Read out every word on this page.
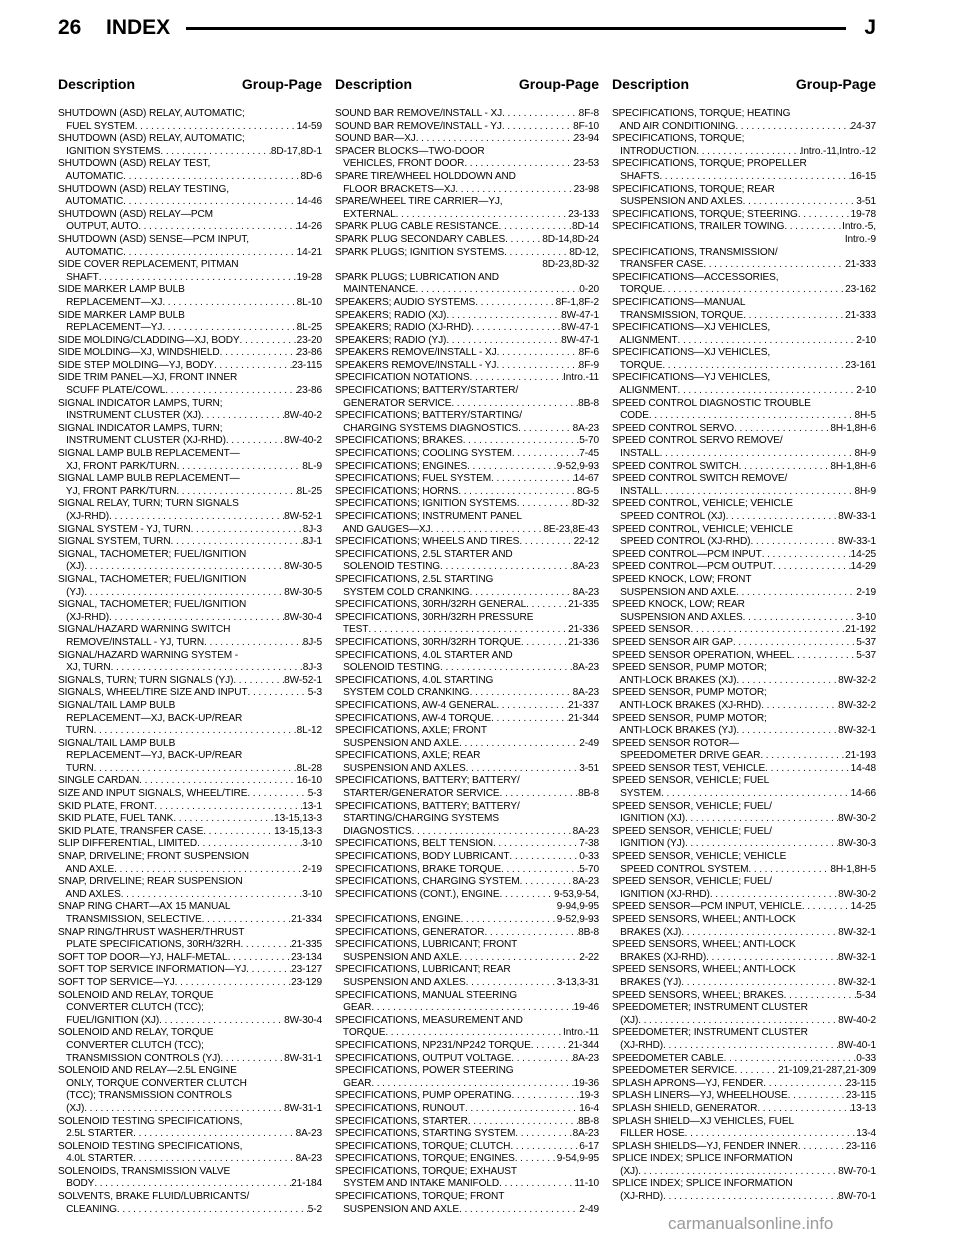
26 INDEX	J
Description	Group-Page Description	Group-Page Description	Group-Page
SHUTDOWN (ASD) RELAY, AUTOMATIC;
FUEL SYSTEM . . .	14-59
SHUTDOWN (ASD) RELAY, AUTOMATIC;
IGNITION SYSTEMS . . .	8D-17,8D-1
SHUTDOWN (ASD) RELAY TEST,
AUTOMATIC . . .	8D-6
SHUTDOWN (ASD) RELAY TESTING,
AUTOMATIC . . .	14-46
SHUTDOWN (ASD) RELAY—PCM
OUTPUT, AUTO . . .	14-26
SHUTDOWN (ASD) SENSE—PCM INPUT,
AUTOMATIC . . .	14-21
SIDE COVER REPLACEMENT, PITMAN
SHAFT . . .	19-28
SIDE MARKER LAMP BULB
REPLACEMENT—XJ . . .	8L-10
SIDE MARKER LAMP BULB
REPLACEMENT—YJ . . .	8L-25
SIDE MOLDING/CLADDING—XJ, BODY . . .	23-20
SIDE MOLDING—XJ, WINDSHIELD . . .	23-86
SIDE STEP MOLDING—YJ, BODY . . .	23-115
SIDE TRIM PANEL—XJ, FRONT INNER
SCUFF PLATE/COWL . . .	23-86
SIGNAL INDICATOR LAMPS, TURN;
INSTRUMENT CLUSTER (XJ) . . .	8W-40-2
SIGNAL INDICATOR LAMPS, TURN;
INSTRUMENT CLUSTER (XJ-RHD) . . .	8W-40-2
SIGNAL LAMP BULB REPLACEMENT—
XJ, FRONT PARK/TURN . . .	8L-9
SIGNAL LAMP BULB REPLACEMENT—
YJ, FRONT PARK/TURN . . .	8L-25
SIGNAL RELAY, TURN; TURN SIGNALS
(XJ-RHD) . . .	8W-52-1
SIGNAL SYSTEM - YJ, TURN . . .	8J-3
SIGNAL SYSTEM, TURN . . .	8J-1
SIGNAL, TACHOMETER; FUEL/IGNITION
(XJ) . . .	8W-30-5
SIGNAL, TACHOMETER; FUEL/IGNITION
(YJ) . . .	8W-30-5
SIGNAL, TACHOMETER; FUEL/IGNITION
(XJ-RHD) . . .	8W-30-4
SIGNAL/HAZARD WARNING SWITCH
REMOVE/INSTALL - YJ, TURN . . .	8J-5
SIGNAL/HAZARD WARNING SYSTEM -
XJ, TURN . . .	8J-3
SIGNALS, TURN; TURN SIGNALS (YJ) . . .	8W-52-1
SIGNALS, WHEEL/TIRE SIZE AND INPUT . . .	5-3
SIGNAL/TAIL LAMP BULB
REPLACEMENT—XJ, BACK-UP/REAR
TURN . . .	8L-12
SIGNAL/TAIL LAMP BULB
REPLACEMENT—YJ, BACK-UP/REAR
TURN . . .	8L-28
SINGLE CARDAN . . .	16-10
SIZE AND INPUT SIGNALS, WHEEL/TIRE . . .	5-3
SKID PLATE, FRONT . . .	13-1
SKID PLATE, FUEL TANK . . .	13-15,13-3
SKID PLATE, TRANSFER CASE . . .	13-15,13-3
SLIP DIFFERENTIAL, LIMITED . . .	3-10
SNAP, DRIVELINE; FRONT SUSPENSION
AND AXLE . . .	2-19
SNAP, DRIVELINE; REAR SUSPENSION
AND AXLES . . .	3-10
SNAP RING CHART—AX 15 MANUAL
TRANSMISSION, SELECTIVE . . .	21-334
SNAP RING/THRUST WASHER/THRUST
PLATE SPECIFICATIONS, 30RH/32RH . . .	21-335
SOFT TOP DOOR—YJ, HALF-METAL . . .	23-134
SOFT TOP SERVICE INFORMATION—YJ . . .	23-127
SOFT TOP SERVICE—YJ . . .	23-129
SOLENOID AND RELAY, TORQUE
CONVERTER CLUTCH (TCC);
FUEL/IGNITION (XJ) . . .	8W-30-4
SOLENOID AND RELAY, TORQUE
CONVERTER CLUTCH (TCC);
TRANSMISSION CONTROLS (YJ) . . .	8W-31-1
SOLENOID AND RELAY—2.5L ENGINE
ONLY, TORQUE CONVERTER CLUTCH
(TCC); TRANSMISSION CONTROLS
(XJ) . . .	8W-31-1
SOLENOID TESTING SPECIFICATIONS,
2.5L STARTER . . .	8A-23
SOLENOID TESTING SPECIFICATIONS,
4.0L STARTER . . .	8A-23
SOLENOIDS, TRANSMISSION VALVE
BODY . . .	21-184
SOLVENTS, BRAKE FLUID/LUBRICANTS/
CLEANING . . .	5-2
SOUND BAR REMOVE/INSTALL - XJ . . .	8F-8
SOUND BAR REMOVE/INSTALL - YJ . . .	8F-10
SOUND BAR—XJ . . .	23-94
SPACER BLOCKS—TWO-DOOR
VEHICLES, FRONT DOOR . . .	23-53
SPARE TIRE/WHEEL HOLDDOWN AND
FLOOR BRACKETS—XJ . . .	23-98
SPARE/WHEEL TIRE CARRIER—YJ,
EXTERNAL . . .	23-133
SPARK PLUG CABLE RESISTANCE . . .	8D-14
SPARK PLUG SECONDARY CABLES . . .	8D-14,8D-24
SPARK PLUGS; IGNITION SYSTEMS . . .	8D-12,
8D-23,8D-32
SPARK PLUGS; LUBRICATION AND
MAINTENANCE . . .	0-20
SPEAKERS; AUDIO SYSTEMS . . .	8F-1,8F-2
SPEAKERS; RADIO (XJ) . . .	8W-47-1
SPEAKERS; RADIO (XJ-RHD) . . .	8W-47-1
SPEAKERS; RADIO (YJ) . . .	8W-47-1
SPEAKERS REMOVE/INSTALL - XJ . . .	8F-6
SPEAKERS REMOVE/INSTALL - YJ . . .	8F-9
SPECIFICATION NOTATIONS . . .	Intro.-11
SPECIFICATIONS; BATTERY/STARTER/
GENERATOR SERVICE . . .	8B-8
SPECIFICATIONS; BATTERY/STARTING/
CHARGING SYSTEMS DIAGNOSTICS . . .	8A-23
SPECIFICATIONS; BRAKES . . .	5-70
SPECIFICATIONS; COOLING SYSTEM . . .	7-45
SPECIFICATIONS; ENGINES . . .	9-52,9-93
SPECIFICATIONS; FUEL SYSTEM . . .	14-67
SPECIFICATIONS; HORNS . . .	8G-5
SPECIFICATIONS; IGNITION SYSTEMS . . .	8D-32
SPECIFICATIONS; INSTRUMENT PANEL
AND GAUGES—XJ . . .	8E-23,8E-43
SPECIFICATIONS; WHEELS AND TIRES . . .	22-12
SPECIFICATIONS, 2.5L STARTER AND
SOLENOID TESTING . . .	8A-23
SPECIFICATIONS, 2.5L STARTING
SYSTEM COLD CRANKING . . .	8A-23
SPECIFICATIONS, 30RH/32RH GENERAL . . .	21-335
SPECIFICATIONS, 30RH/32RH PRESSURE
TEST . . .	21-336
SPECIFICATIONS, 30RH/32RH TORQUE . . .	21-336
SPECIFICATIONS, 4.0L STARTER AND
SOLENOID TESTING . . .	8A-23
SPECIFICATIONS, 4.0L STARTING
SYSTEM COLD CRANKING . . .	8A-23
SPECIFICATIONS, AW-4 GENERAL . . .	21-337
SPECIFICATIONS, AW-4 TORQUE . . .	21-344
SPECIFICATIONS, AXLE; FRONT
SUSPENSION AND AXLE . . .	2-49
SPECIFICATIONS, AXLE; REAR
SUSPENSION AND AXLES . . .	3-51
SPECIFICATIONS, BATTERY; BATTERY/
STARTER/GENERATOR SERVICE . . .	8B-8
SPECIFICATIONS, BATTERY; BATTERY/
STARTING/CHARGING SYSTEMS
DIAGNOSTICS . . .	8A-23
SPECIFICATIONS, BELT TENSION . . .	7-38
SPECIFICATIONS, BODY LUBRICANT . . .	0-33
SPECIFICATIONS, BRAKE TORQUE . . .	5-70
SPECIFICATIONS, CHARGING SYSTEM . . .	8A-23
SPECIFICATIONS (CONT.), ENGINE . . .	9-53,9-54,
9-94,9-95
SPECIFICATIONS, ENGINE . . .	9-52,9-93
SPECIFICATIONS, GENERATOR . . .	8B-8
SPECIFICATIONS, LUBRICANT; FRONT
SUSPENSION AND AXLE . . .	2-22
SPECIFICATIONS, LUBRICANT; REAR
SUSPENSION AND AXLES . . .	3-13,3-31
SPECIFICATIONS, MANUAL STEERING
GEAR . . .	19-46
SPECIFICATIONS, MEASUREMENT AND
TORQUE . . .	Intro.-11
SPECIFICATIONS, NP231/NP242 TORQUE . . .	21-344
SPECIFICATIONS, OUTPUT VOLTAGE . . .	8A-23
SPECIFICATIONS, POWER STEERING
GEAR . . .	19-36
SPECIFICATIONS, PUMP OPERATING . . .	19-3
SPECIFICATIONS, RUNOUT . . .	16-4
SPECIFICATIONS, STARTER . . .	8B-8
SPECIFICATIONS, STARTING SYSTEM . . .	8A-23
SPECIFICATIONS, TORQUE; CLUTCH . . .	6-17
SPECIFICATIONS, TORQUE; ENGINES . . .	9-54,9-95
SPECIFICATIONS, TORQUE; EXHAUST
SYSTEM AND INTAKE MANIFOLD . . .	11-10
SPECIFICATIONS, TORQUE; FRONT
SUSPENSION AND AXLE . . .	2-49
SPECIFICATIONS, TORQUE; HEATING
AND AIR CONDITIONING . . .	24-37
SPECIFICATIONS, TORQUE;
INTRODUCTION . . .	Intro.-11,Intro.-12
SPECIFICATIONS, TORQUE; PROPELLER
SHAFTS . . .	16-15
SPECIFICATIONS, TORQUE; REAR
SUSPENSION AND AXLES . . .	3-51
SPECIFICATIONS, TORQUE; STEERING . . .	19-78
SPECIFICATIONS, TRAILER TOWING . . .	Intro.-5,
Intro.-9
SPECIFICATIONS, TRANSMISSION/
TRANSFER CASE . . .	21-333
SPECIFICATIONS—ACCESSORIES,
TORQUE . . .	23-162
SPECIFICATIONS—MANUAL
TRANSMISSION, TORQUE . . .	21-333
SPECIFICATIONS—XJ VEHICLES,
ALIGNMENT . . .	2-10
SPECIFICATIONS—XJ VEHICLES,
TORQUE . . .	23-161
SPECIFICATIONS—YJ VEHICLES,
ALIGNMENT . . .	2-10
SPEED CONTROL DIAGNOSTIC TROUBLE
CODE . . .	8H-5
SPEED CONTROL SERVO . . .	8H-1,8H-6
SPEED CONTROL SERVO REMOVE/
INSTALL . . .	8H-9
SPEED CONTROL SWITCH . . .	8H-1,8H-6
SPEED CONTROL SWITCH REMOVE/
INSTALL . . .	8H-9
SPEED CONTROL, VEHICLE; VEHICLE
SPEED CONTROL (XJ) . . .	8W-33-1
SPEED CONTROL, VEHICLE; VEHICLE
SPEED CONTROL (XJ-RHD) . . .	8W-33-1
SPEED CONTROL—PCM INPUT . . .	14-25
SPEED CONTROL—PCM OUTPUT . . .	14-29
SPEED KNOCK, LOW; FRONT
SUSPENSION AND AXLE . . .	2-19
SPEED KNOCK, LOW; REAR
SUSPENSION AND AXLES . . .	3-10
SPEED SENSOR . . .	21-192
SPEED SENSOR AIR GAP . . .	5-37
SPEED SENSOR OPERATION, WHEEL . . .	5-37
SPEED SENSOR, PUMP MOTOR;
ANTI-LOCK BRAKES (XJ) . . .	8W-32-2
SPEED SENSOR, PUMP MOTOR;
ANTI-LOCK BRAKES (XJ-RHD) . . .	8W-32-2
SPEED SENSOR, PUMP MOTOR;
ANTI-LOCK BRAKES (YJ) . . .	8W-32-1
SPEED SENSOR ROTOR—
SPEEDOMETER DRIVE GEAR . . .	21-193
SPEED SENSOR TEST, VEHICLE . . .	14-48
SPEED SENSOR, VEHICLE; FUEL
SYSTEM . . .	14-66
SPEED SENSOR, VEHICLE; FUEL/
IGNITION (XJ) . . .	8W-30-2
SPEED SENSOR, VEHICLE; FUEL/
IGNITION (YJ) . . .	8W-30-3
SPEED SENSOR, VEHICLE; VEHICLE
SPEED CONTROL SYSTEM . . .	8H-1,8H-5
SPEED SENSOR, VEHICLE; FUEL/
IGNITION (XJ-RHD) . . .	8W-30-2
SPEED SENSOR—PCM INPUT, VEHICLE . . .	14-25
SPEED SENSORS, WHEEL; ANTI-LOCK
BRAKES (XJ) . . .	8W-32-1
SPEED SENSORS, WHEEL; ANTI-LOCK
BRAKES (XJ-RHD) . . .	8W-32-1
SPEED SENSORS, WHEEL; ANTI-LOCK
BRAKES (YJ) . . .	8W-32-1
SPEED SENSORS, WHEEL; BRAKES . . .	5-34
SPEEDOMETER; INSTRUMENT CLUSTER
(XJ) . . .	8W-40-2
SPEEDOMETER; INSTRUMENT CLUSTER
(XJ-RHD) . . .	8W-40-1
SPEEDOMETER CABLE . . .	0-33
SPEEDOMETER SERVICE . . .	21-109,21-287,21-309
SPLASH APRONS—YJ, FENDER . . .	23-115
SPLASH LINERS—YJ, WHEELHOUSE . . .	23-115
SPLASH SHIELD, GENERATOR . . .	13-13
SPLASH SHIELD—XJ VEHICLES, FUEL
FILLER HOSE . . .	13-4
SPLASH SHIELDS—YJ, FENDER INNER . . .	23-116
SPLICE INDEX; SPLICE INFORMATION
(XJ) . . .	8W-70-1
SPLICE INDEX; SPLICE INFORMATION
(XJ-RHD) . . .	8W-70-1
carmanualsonline.info
